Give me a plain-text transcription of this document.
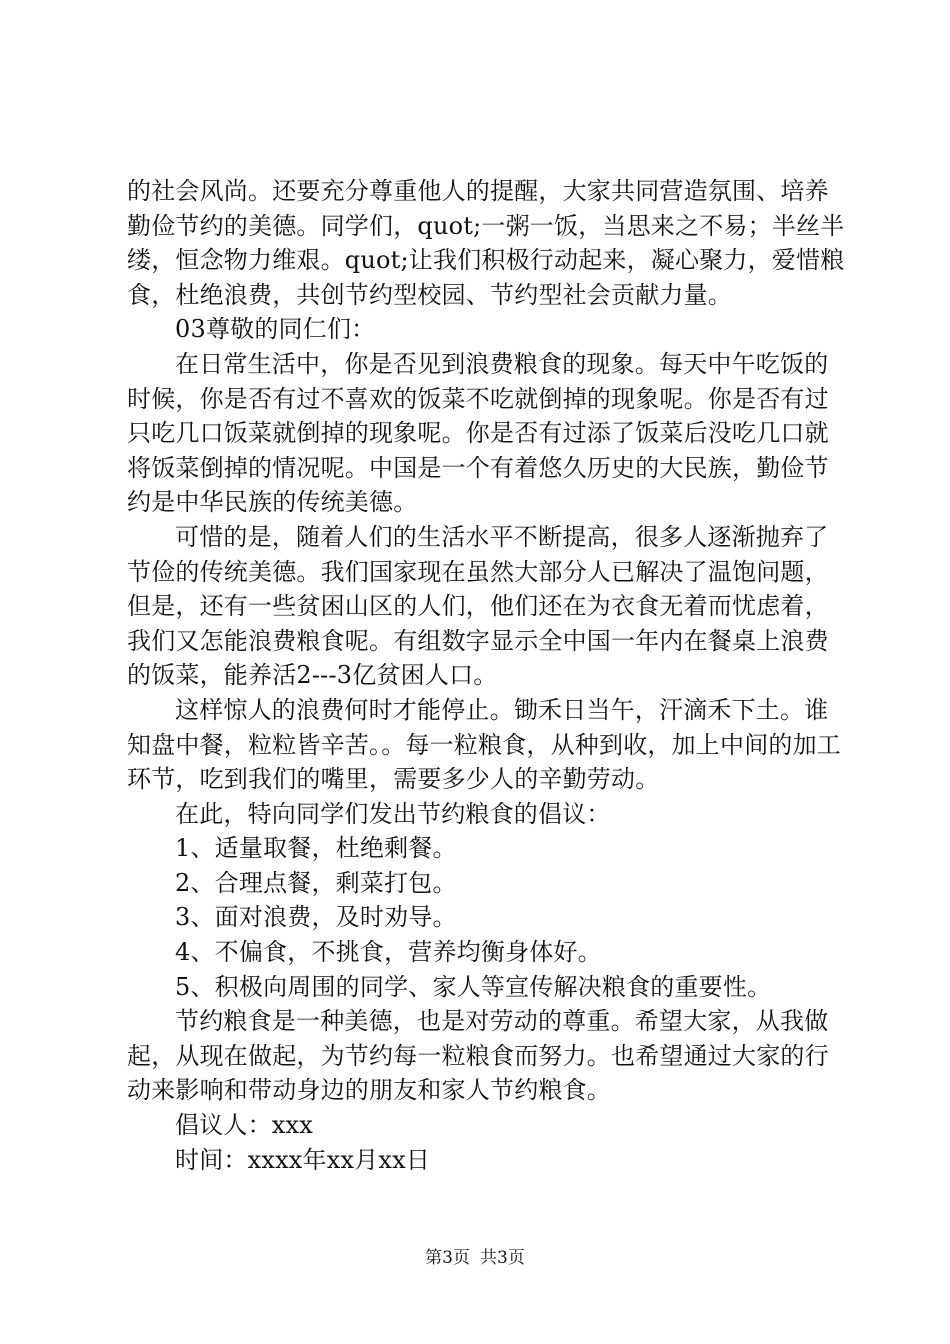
的社会风尚。还要充分尊重他人的提醒，大家共同营造氛围、培养勤俭节约的美德。同学们，quot;一粥一饭，当思来之不易；半丝半缕，恒念物力维艰。quot;让我们积极行动起来，凝心聚力，爱惜粮食，杜绝浪费，共创节约型校园、节约型社会贡献力量。

03尊敬的同仁们：

在日常生活中，你是否见到浪费粮食的现象。每天中午吃饭的时候，你是否有过不喜欢的饭菜不吃就倒掉的现象呢。你是否有过只吃几口饭菜就倒掉的现象呢。你是否有过添了饭菜后没吃几口就将饭菜倒掉的情况呢。中国是一个有着悠久历史的大民族，勤俭节约是中华民族的传统美德。

可惜的是，随着人们的生活水平不断提高，很多人逐渐抛弃了节俭的传统美德。我们国家现在虽然大部分人已解决了温饱问题，但是，还有一些贫困山区的人们，他们还在为衣食无着而忧虑着，我们又怎能浪费粮食呢。有组数字显示全中国一年内在餐桌上浪费的饭菜，能养活2---3亿贫困人口。

这样惊人的浪费何时才能停止。锄禾日当午，汗滴禾下土。谁知盘中餐，粒粒皆辛苦。。每一粒粮食，从种到收，加上中间的加工环节，吃到我们的嘴里，需要多少人的辛勤劳动。

在此，特向同学们发出节约粮食的倡议：

1、适量取餐，杜绝剩餐。

2、合理点餐，剩菜打包。

3、面对浪费，及时劝导。

4、不偏食，不挑食，营养均衡身体好。

5、积极向周围的同学、家人等宣传解决粮食的重要性。

节约粮食是一种美德，也是对劳动的尊重。希望大家，从我做起，从现在做起，为节约每一粒粮食而努力。也希望通过大家的行动来影响和带动身边的朋友和家人节约粮食。

倡议人：xxx

时间：xxxx年xx月xx日

第3页 共3页
